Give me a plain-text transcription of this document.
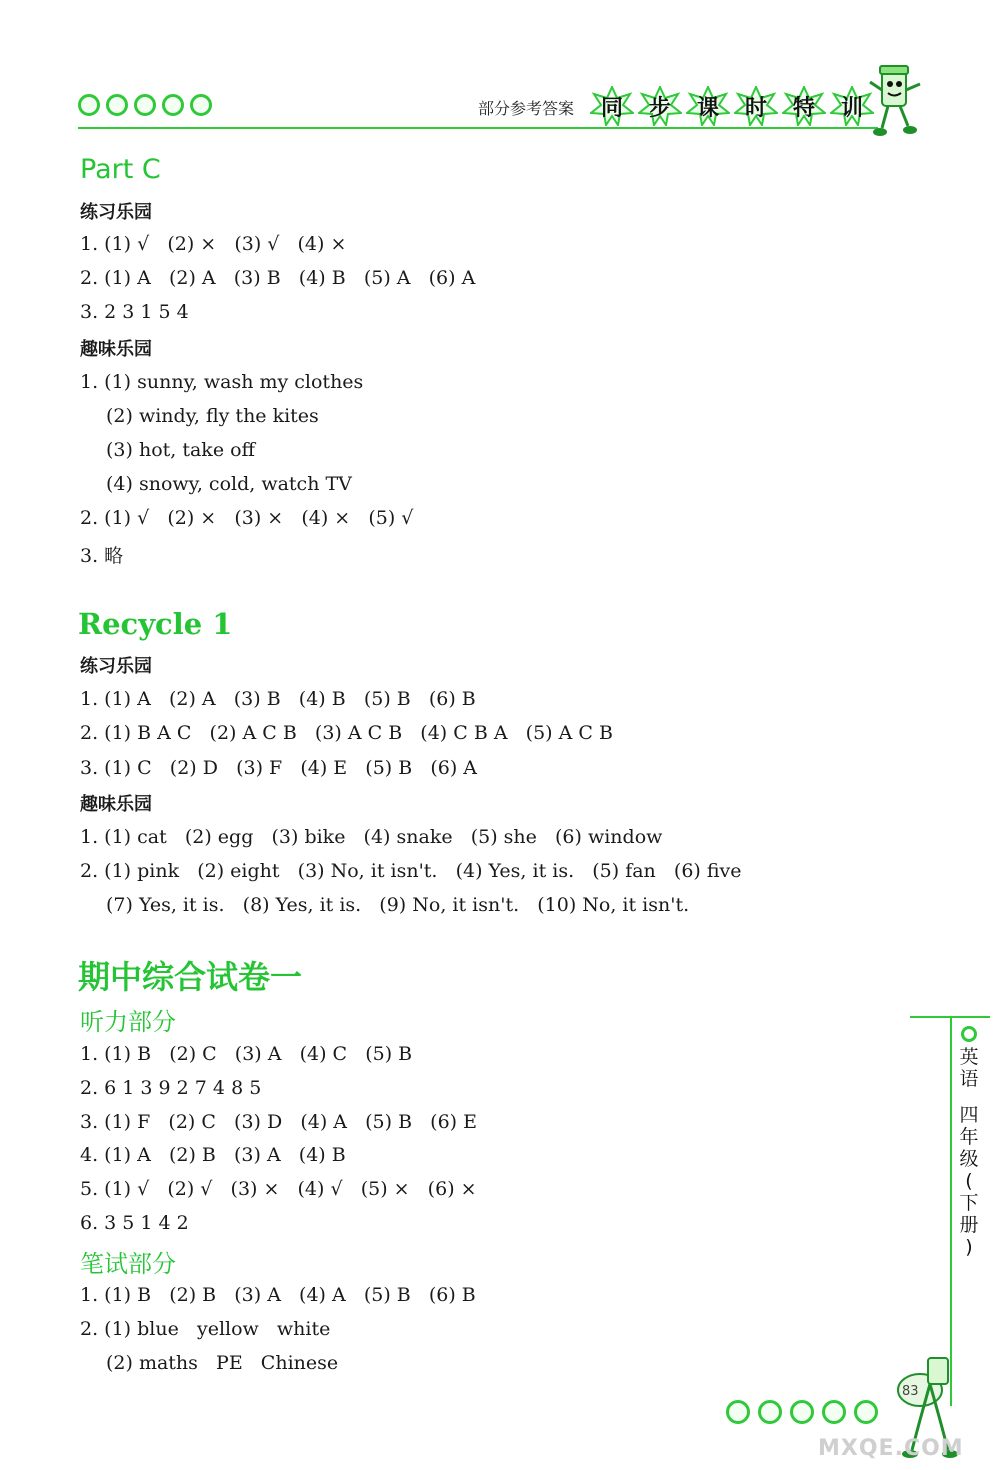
部分参考答案 同 步 课 时 特 训
Part C
练习乐园
1. (1) √   (2) ×   (3) √   (4) ×
2. (1) A   (2) A   (3) B   (4) B   (5) A   (6) A
3. 2 3 1 5 4
趣味乐园
1. (1) sunny, wash my clothes
(2) windy, fly the kites
(3) hot, take off
(4) snowy, cold, watch TV
2. (1) √   (2) ×   (3) ×   (4) ×   (5) √
3. 略
Recycle 1
练习乐园
1. (1) A   (2) A   (3) B   (4) B   (5) B   (6) B
2. (1) B A C   (2) A C B   (3) A C B   (4) C B A   (5) A C B
3. (1) C   (2) D   (3) F   (4) E   (5) B   (6) A
趣味乐园
1. (1) cat   (2) egg   (3) bike   (4) snake   (5) she   (6) window
2. (1) pink   (2) eight   (3) No, it isn't.   (4) Yes, it is.   (5) fan   (6) five
(7) Yes, it is.   (8) Yes, it is.   (9) No, it isn't.   (10) No, it isn't.
期中综合试卷一
听力部分
1. (1) B   (2) C   (3) A   (4) C   (5) B
2. 6 1 3 9 2 7 4 8 5
3. (1) F   (2) C   (3) D   (4) A   (5) B   (6) E
4. (1) A   (2) B   (3) A   (4) B
5. (1) √   (2) √   (3) ×   (4) √   (5) ×   (6) ×
6. 3 5 1 4 2
笔试部分
1. (1) B   (2) B   (3) A   (4) A   (5) B   (6) B
2. (1) blue   yellow   white
(2) maths   PE   Chinese
英
语
四
年
级
(
下
册
)
83
MXQE.COM
